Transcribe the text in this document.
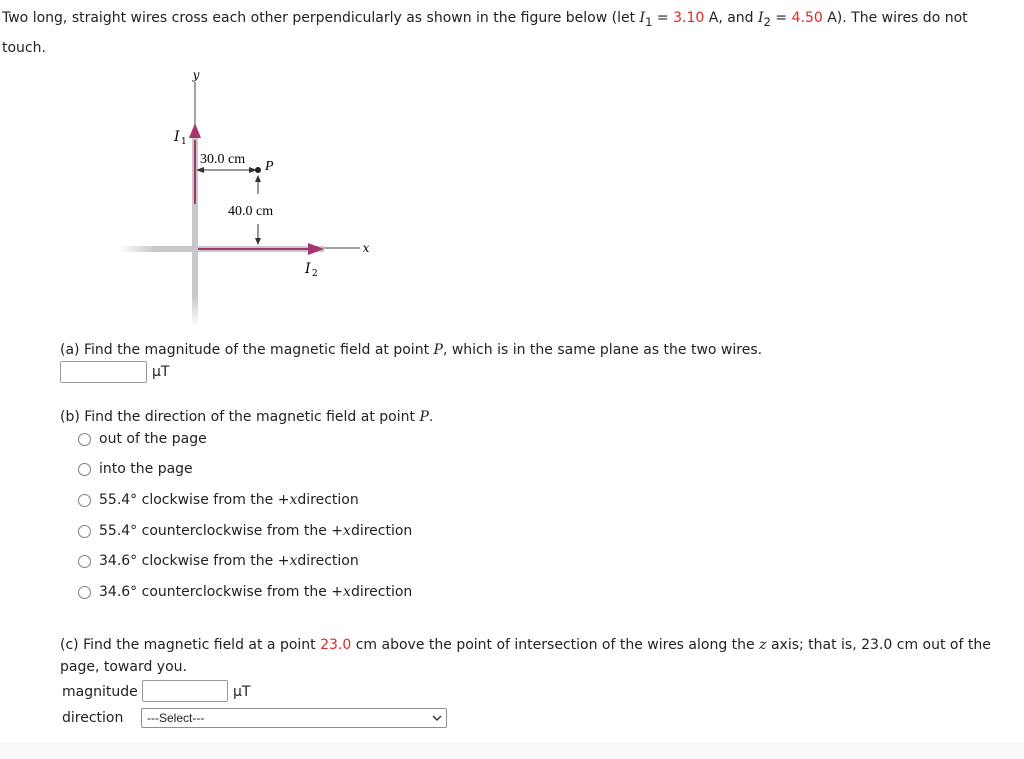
Two long, straight wires cross each other perpendicularly as shown in the figure below (let $I_1 = 3.10$ A, and $I_2 = 4.50$ A). The wires do not touch.
y
x
I 1
I 2
30.0 cm
40.0 cm
P
(a) Find the magnitude of the magnetic field at point P, which is in the same plane as the two wires.
µT
(b) Find the direction of the magnetic field at point P.
out of the page
into the page
55.4° clockwise from the + x direction
55.4° counterclockwise from the + x direction
34.6° clockwise from the + x direction
34.6° counterclockwise from the + x direction
(c) Find the magnetic field at a point 23.0 cm above the point of intersection of the wires along the z axis; that is, 23.0 cm out of the page, toward you.
magnitude	µT
direction ---Select---
